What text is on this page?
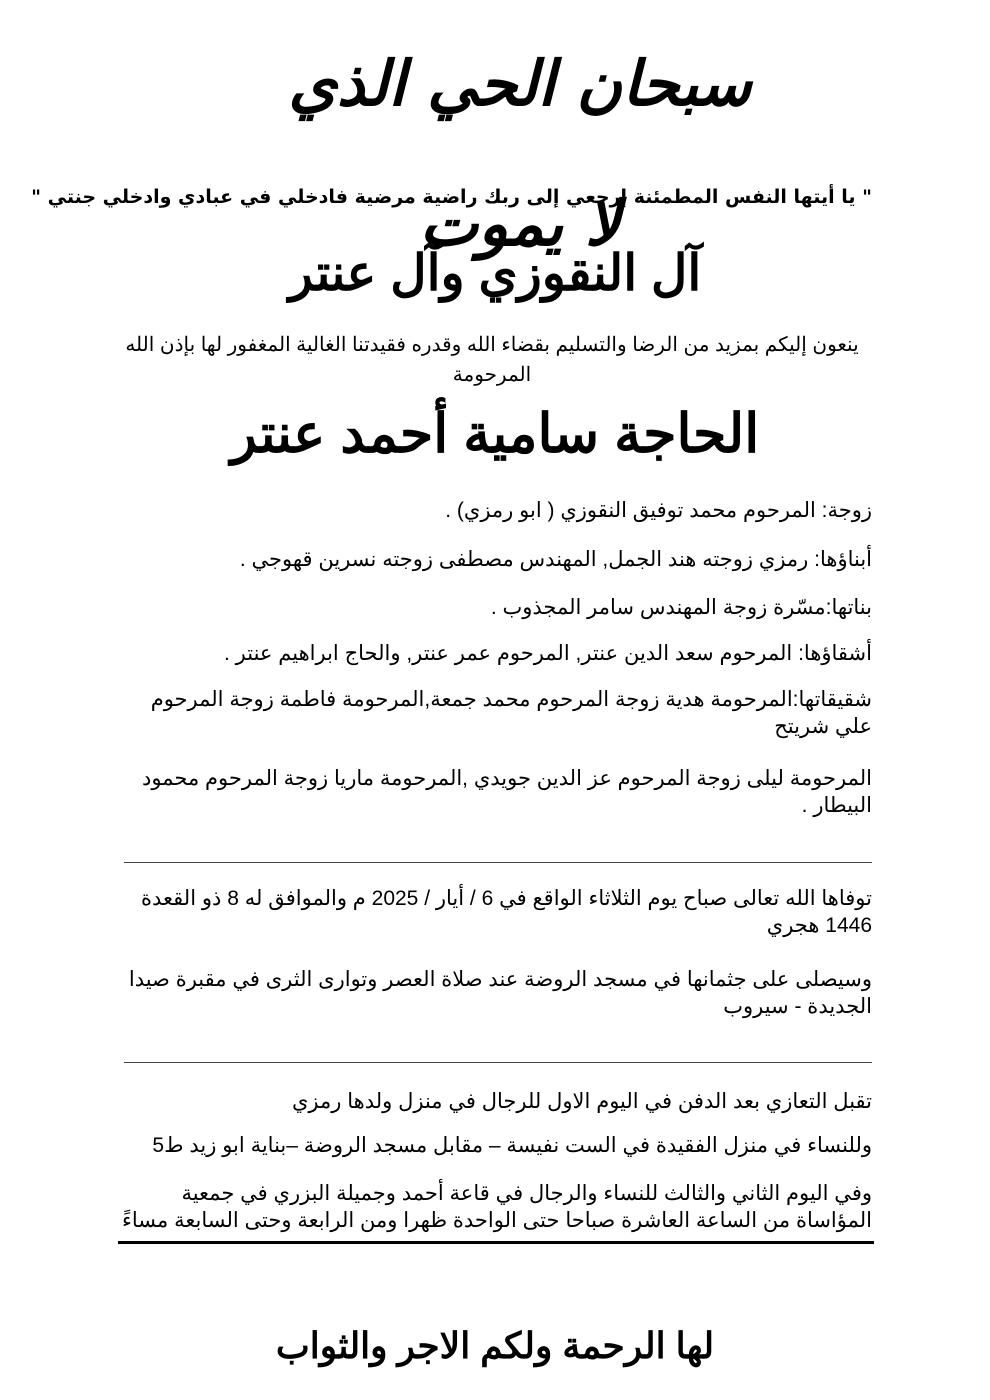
سبحان الحي الذي لا يموت
" يا أيتها النفس المطمئنة إرجعي إلى ربك راضية مرضية فادخلي في عبادي وادخلي جنتي "
آل النقوزي وآل عنتر
ينعون إليكم بمزيد من الرضا والتسليم بقضاء الله وقدره فقيدتنا الغالية المغفور لها بإذن الله المرحومة
الحاجة سامية أحمد عنتر
زوجة: المرحوم محمد توفيق النقوزي ( ابو رمزي) .
أبناؤها: رمزي زوجته هند الجمل, المهندس مصطفى زوجته نسرين قهوجي .
بناتها:مسّرة زوجة المهندس سامر المجذوب .
أشقاؤها: المرحوم سعد الدين عنتر, المرحوم عمر عنتر, والحاج ابراهيم عنتر .
شقيقاتها:المرحومة هدية زوجة المرحوم محمد جمعة,المرحومة فاطمة زوجة المرحوم علي شريتح
المرحومة ليلى زوجة المرحوم عز الدين جويدي ,المرحومة ماريا زوجة المرحوم محمود البيطار .
توفاها الله تعالى صباح يوم الثلاثاء الواقع في 6 / أيار / 2025 م والموافق له 8 ذو القعدة 1446 هجري
وسيصلى على جثمانها في مسجد الروضة عند صلاة العصر وتوارى الثرى في مقبرة صيدا الجديدة - سيروب
تقبل التعازي بعد الدفن في اليوم الاول للرجال في منزل ولدها رمزي
وللنساء في منزل الفقيدة في الست نفيسة – مقابل مسجد الروضة –بناية ابو زيد ط5
وفي اليوم الثاني والثالث للنساء والرجال في قاعة أحمد وجميلة البزري في جمعية المؤاساة من الساعة العاشرة صباحا حتى الواحدة ظهرا ومن الرابعة وحتى السابعة مساءً
لها الرحمة ولكم الاجر والثواب
